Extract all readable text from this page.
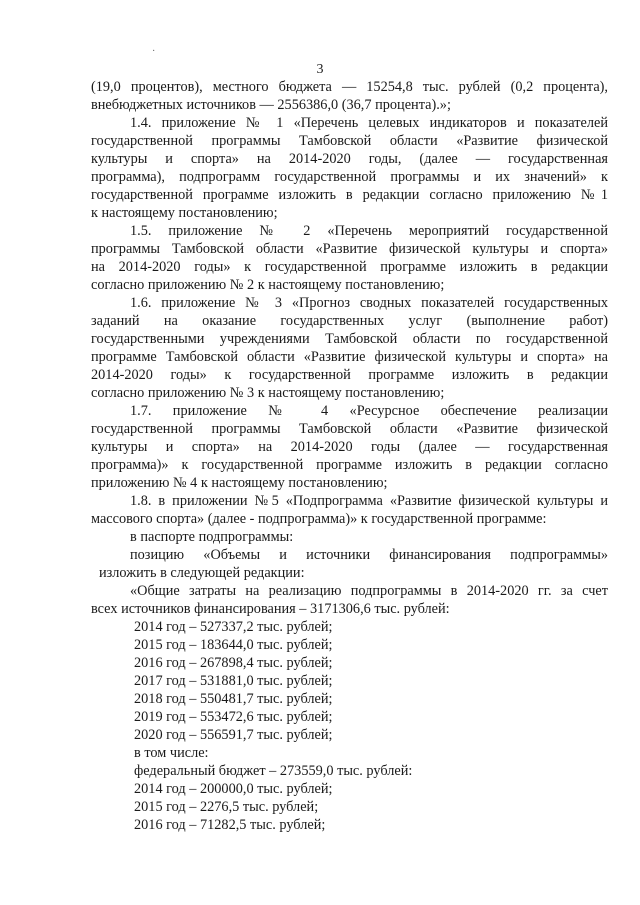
·
3
(19,0 процентов), местного бюджета — 15254,8 тыс. рублей (0,2 процента),
внебюджетных источников — 2556386,0 (36,7 процента).»;
1.4. приложение № 1 «Перечень целевых индикаторов и показателей
государственной программы Тамбовской области «Развитие физической
культуры и спорта» на 2014-2020 годы, (далее — государственная
программа), подпрограмм государственной программы и их значений» к
государственной программе изложить в редакции согласно приложению №1
к настоящему постановлению;
1.5. приложение № 2 «Перечень мероприятий государственной
программы Тамбовской области «Развитие физической культуры и спорта»
на 2014-2020 годы» к государственной программе изложить в редакции
согласно приложению № 2 к настоящему постановлению;
1.6. приложение № 3 «Прогноз сводных показателей государственных
заданий на оказание государственных услуг (выполнение работ)
государственными учреждениями Тамбовской области по государственной
программе Тамбовской области «Развитие физической культуры и спорта» на
2014-2020 годы» к государственной программе изложить в редакции
согласно приложению № 3 к настоящему постановлению;
1.7. приложение № 4 «Ресурсное обеспечение реализации
государственной программы Тамбовской области «Развитие физической
культуры и спорта» на 2014-2020 годы (далее — государственная
программа)» к государственной программе изложить в редакции согласно
приложению № 4 к настоящему постановлению;
1.8. в приложении №5 «Подпрограмма «Развитие физической культуры и
массового спорта» (далее - подпрограмма)» к государственной программе:
в паспорте подпрограммы:
позицию «Объемы и источники финансирования подпрограммы»
изложить в следующей редакции:
«Общие затраты на реализацию подпрограммы в 2014-2020 гг. за счет
всех источников финансирования – 3171306,6 тыс. рублей:
2014 год – 527337,2 тыс. рублей;
2015 год – 183644,0 тыс. рублей;
2016 год – 267898,4 тыс. рублей;
2017 год – 531881,0 тыс. рублей;
2018 год – 550481,7 тыс. рублей;
2019 год – 553472,6 тыс. рублей;
2020 год – 556591,7 тыс. рублей;
в том числе:
федеральный бюджет – 273559,0 тыс. рублей:
2014 год – 200000,0 тыс. рублей;
2015 год – 2276,5 тыс. рублей;
2016 год – 71282,5 тыс. рублей;
